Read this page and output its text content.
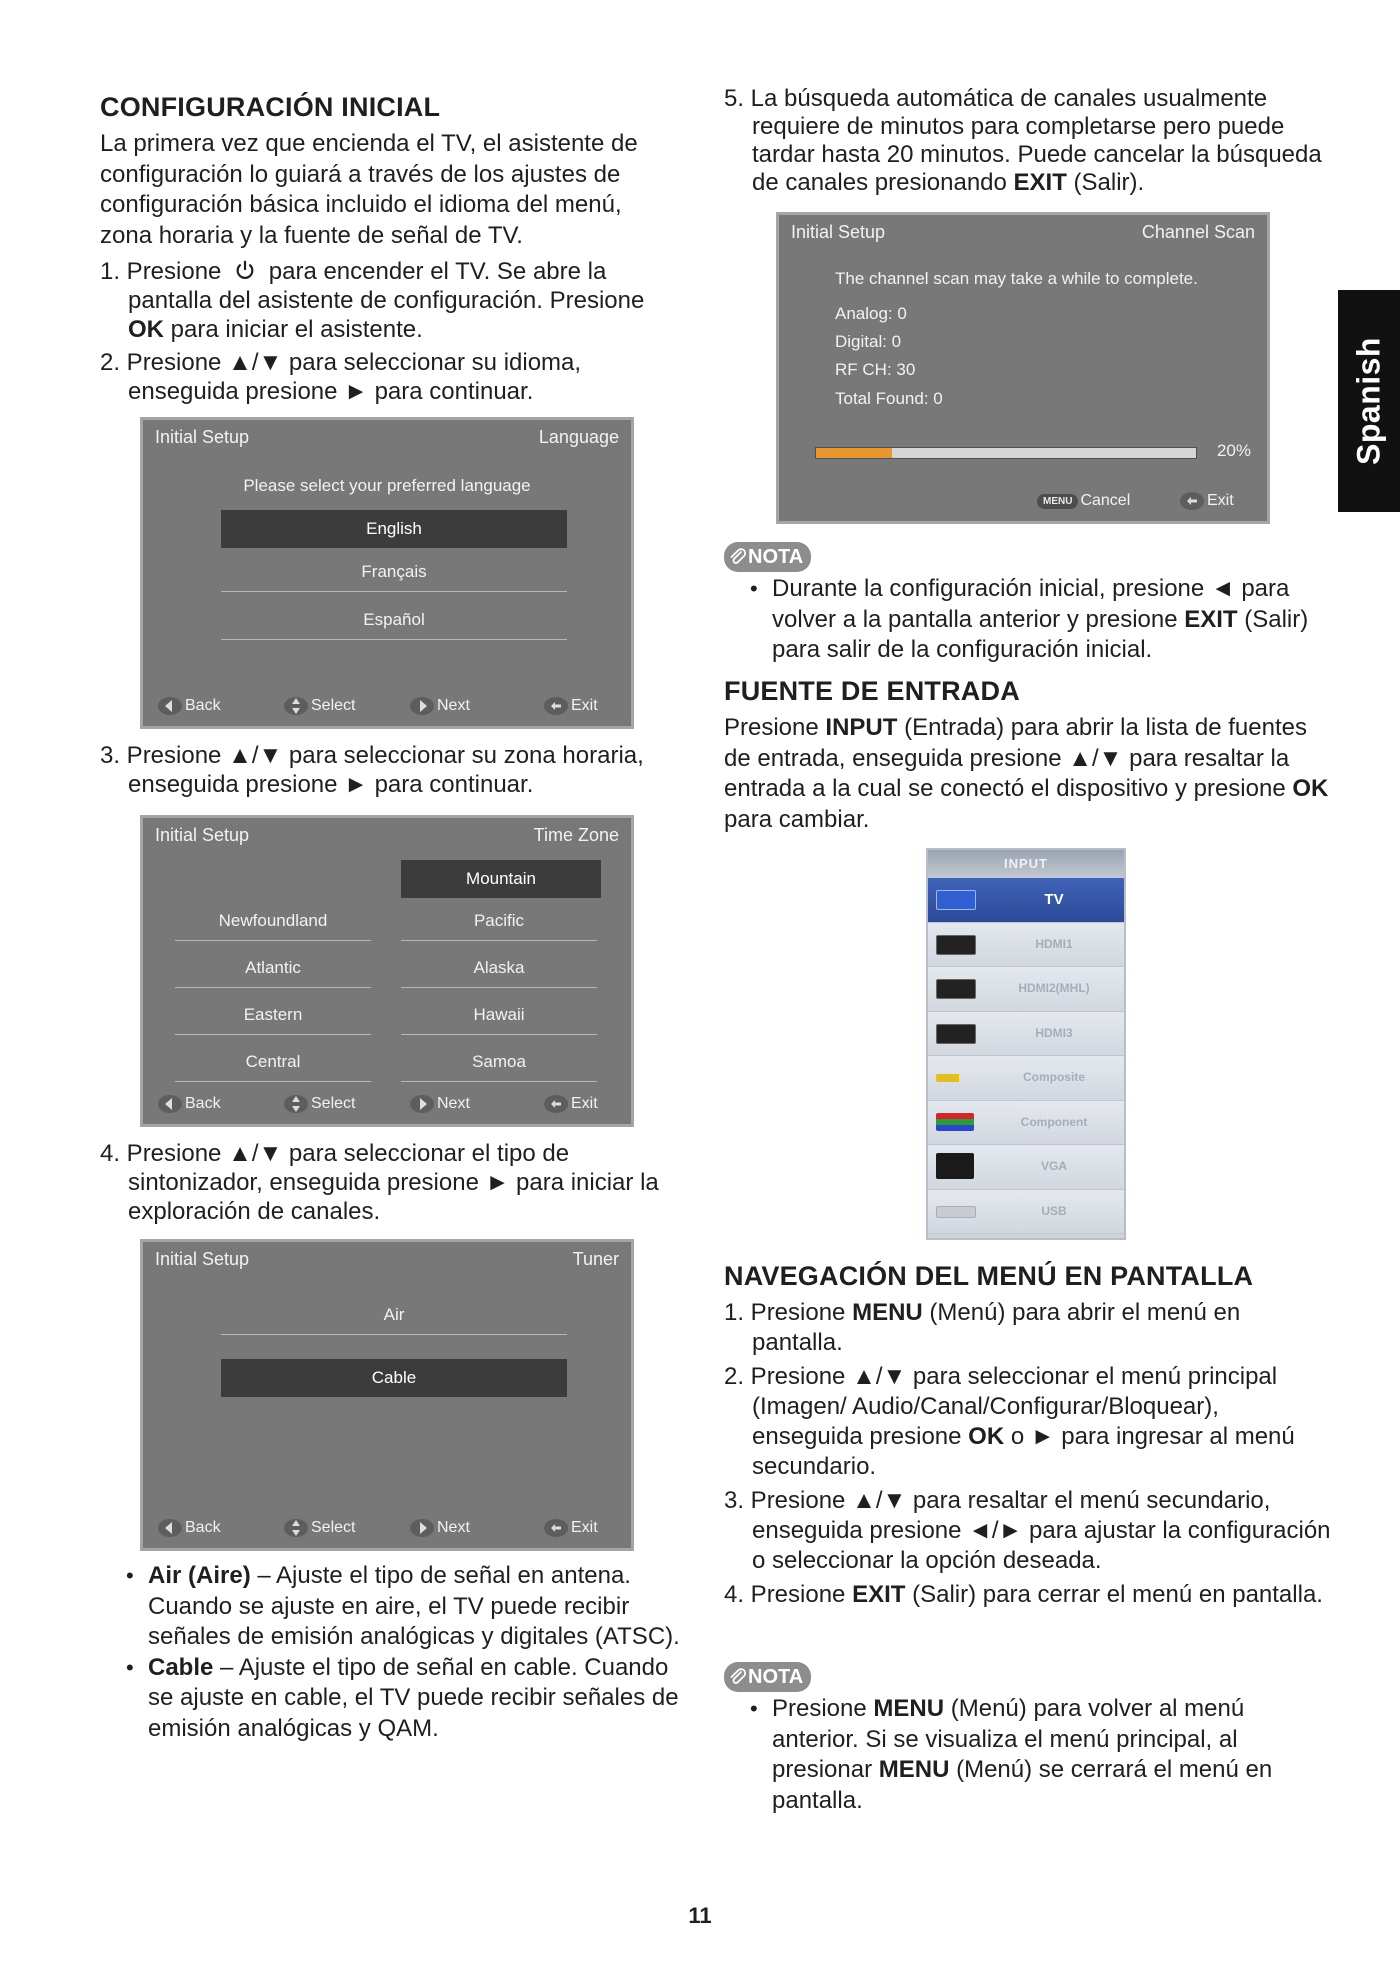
Spanish
CONFIGURACIÓN INICIAL

La primera vez que encienda el TV, el asistente de configuración lo guiará a través de los ajustes de configuración básica incluido el idioma del menú, zona horaria y la fuente de señal de TV.

1. Presione para encender el TV. Se abre la pantalla del asistente de configuración. Presione OK para iniciar el asistente.
2. Presione ▲/▼ para seleccionar su idioma, enseguida presione ► para continuar.
Initial Setup	Language
Please select your preferred language
English
Français
Español
Back	Select	Next	Exit
3. Presione ▲/▼ para seleccionar su zona horaria, enseguida presione ► para continuar.
Initial Setup	Time Zone
Mountain
Newfoundland	Pacific
Atlantic	Alaska
Eastern	Hawaii
Central	Samoa
Back	Select	Next	Exit
4. Presione ▲/▼ para seleccionar el tipo de sintonizador, enseguida presione ► para iniciar la exploración de canales.
Initial Setup	Tuner
Air
Cable
Back	Select	Next	Exit
• Air (Aire) – Ajuste el tipo de señal en antena. Cuando se ajuste en aire, el TV puede recibir señales de emisión analógicas y digitales (ATSC).
• Cable – Ajuste el tipo de señal en cable. Cuando se ajuste en cable, el TV puede recibir señales de emisión analógicas y QAM.
5. La búsqueda automática de canales usualmente requiere de minutos para completarse pero puede tardar hasta 20 minutos. Puede cancelar la búsqueda de canales presionando EXIT (Salir).
Initial Setup	Channel Scan
The channel scan may take a while to complete.
Analog: 0
Digital: 0
RF CH: 30
Total Found: 0
20%
MENU Cancel	Exit
NOTA
• Durante la configuración inicial, presione ◄ para volver a la pantalla anterior y presione EXIT (Salir) para salir de la configuración inicial.
FUENTE DE ENTRADA

Presione INPUT (Entrada) para abrir la lista de fuentes de entrada, enseguida presione ▲/▼ para resaltar la entrada a la cual se conectó el dispositivo y presione OK para cambiar.

INPUT
TV
HDMI1
HDMI2(MHL)
HDMI3
Composite
Component
VGA
USB
NAVEGACIÓN DEL MENÚ EN PANTALLA
1. Presione MENU (Menú) para abrir el menú en pantalla.
2. Presione ▲/▼ para seleccionar el menú principal (Imagen/ Audio/Canal/Configurar/Bloquear), enseguida presione OK o ► para ingresar al menú secundario.
3. Presione ▲/▼ para resaltar el menú secundario, enseguida presione ◄/► para ajustar la configuración o seleccionar la opción deseada.
4. Presione EXIT (Salir) para cerrar el menú en pantalla.
NOTA
• Presione MENU (Menú) para volver al menú anterior. Si se visualiza el menú principal, al presionar MENU (Menú) se cerrará el menú en pantalla.
11
